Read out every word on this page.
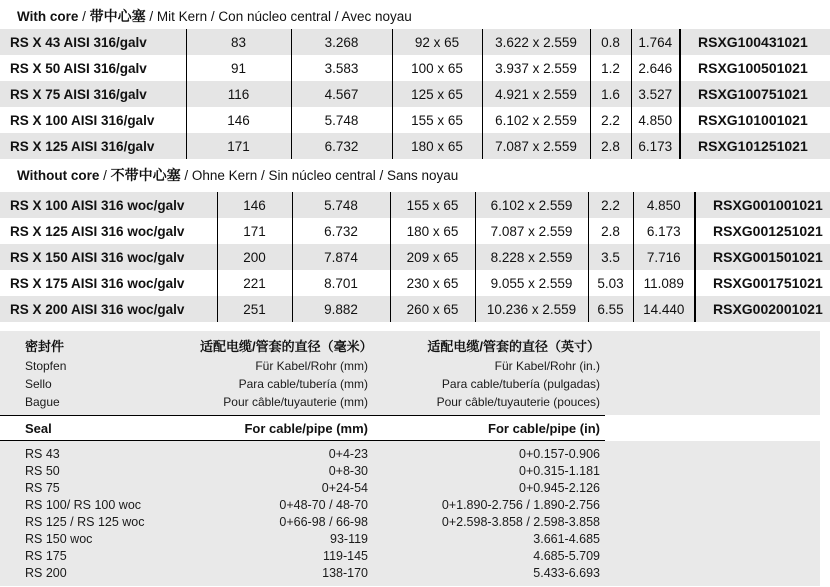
With core / 带中心塞 / Mit Kern / Con núcleo central / Avec noyau
RS X 43 AISI 316/galv	83	3.268	92 x 65	3.622 x 2.559	0.8	1.764	RSXG100431021
RS X 50 AISI 316/galv	91	3.583	100 x 65	3.937 x 2.559	1.2	2.646	RSXG100501021
RS X 75 AISI 316/galv	116	4.567	125 x 65	4.921 x 2.559	1.6	3.527	RSXG100751021
RS X 100 AISI 316/galv	146	5.748	155 x 65	6.102 x 2.559	2.2	4.850	RSXG101001021
RS X 125 AISI 316/galv	171	6.732	180 x 65	7.087 x 2.559	2.8	6.173	RSXG101251021
Without core / 不带中心塞 / Ohne Kern / Sin núcleo central / Sans noyau
RS X 100 AISI 316 woc/galv	146	5.748	155 x 65	6.102 x 2.559	2.2	4.850	RSXG001001021
RS X 125 AISI 316 woc/galv	171	6.732	180 x 65	7.087 x 2.559	2.8	6.173	RSXG001251021
RS X 150 AISI 316 woc/galv	200	7.874	209 x 65	8.228 x 2.559	3.5	7.716	RSXG001501021
RS X 175 AISI 316 woc/galv	221	8.701	230 x 65	9.055 x 2.559	5.03	11.089	RSXG001751021
RS X 200 AISI 316 woc/galv	251	9.882	260 x 65	10.236 x 2.559	6.55	14.440	RSXG002001021
密封件	适配电缆/管套的直径（毫米）	适配电缆/管套的直径（英寸）
Stopfen	Für Kabel/Rohr (mm)	Für Kabel/Rohr (in.)
Sello	Para cable/tubería (mm)	Para cable/tubería (pulgadas)
Bague	Pour câble/tuyauterie (mm)	Pour câble/tuyauterie (pouces)
Seal	For cable/pipe (mm)	For cable/pipe (in)
RS 43	0+4-23	0+0.157-0.906
RS 50	0+8-30	0+0.315-1.181
RS 75	0+24-54	0+0.945-2.126
RS 100/ RS 100 woc	0+48-70 / 48-70	0+1.890-2.756 / 1.890-2.756
RS 125 / RS 125 woc	0+66-98 / 66-98	0+2.598-3.858 / 2.598-3.858
RS 150 woc	93-119	3.661-4.685
RS 175	119-145	4.685-5.709
RS 200	138-170	5.433-6.693
